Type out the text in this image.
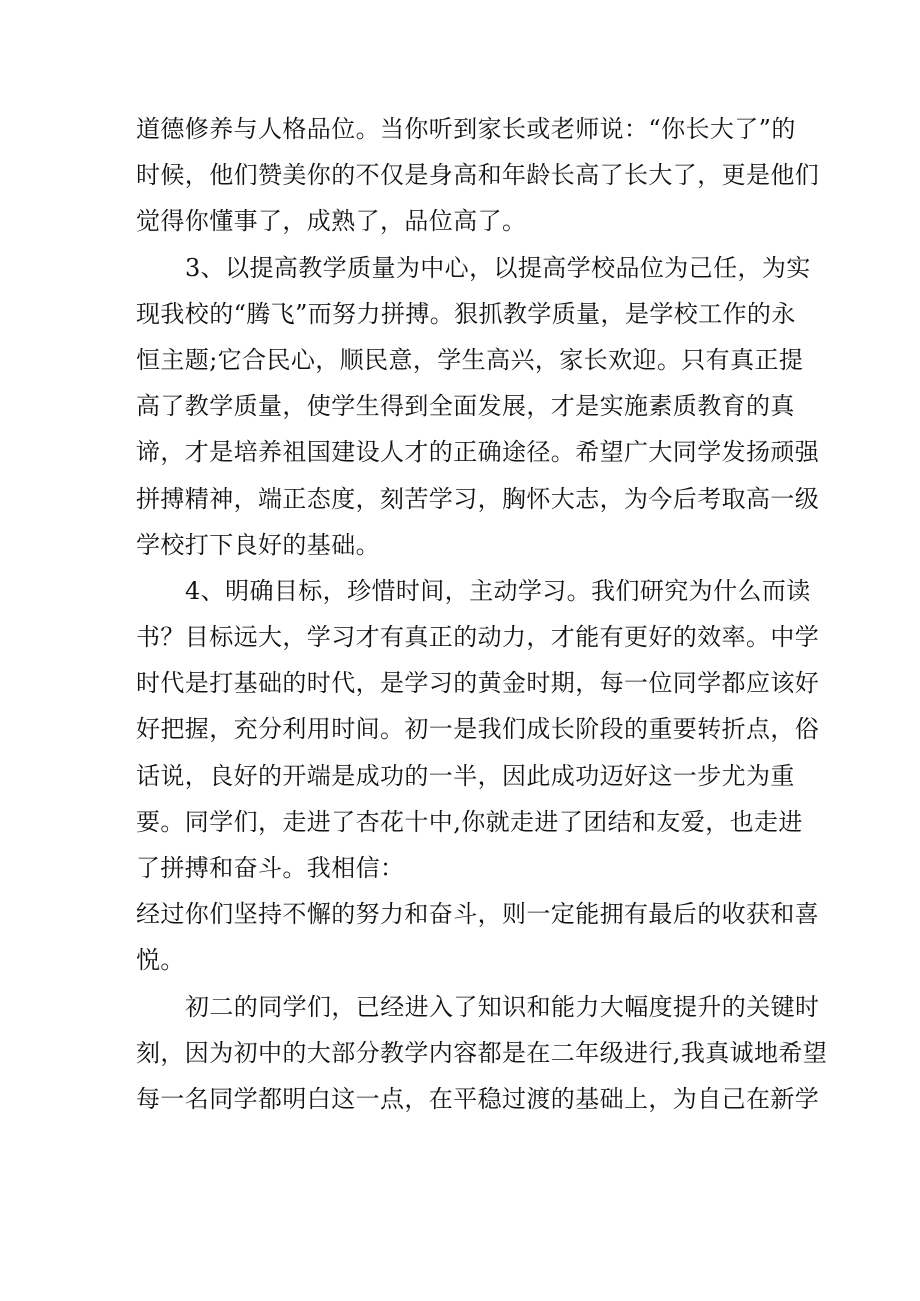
道德修养与人格品位。当你听到家长或老师说：“你长大了”的
时候，他们赞美你的不仅是身高和年龄长高了长大了，更是他们
觉得你懂事了，成熟了，品位高了。
3、以提高教学质量为中心，以提高学校品位为己任，为实
现我校的“腾飞”而努力拼搏。狠抓教学质量，是学校工作的永
恒主题;它合民心，顺民意，学生高兴，家长欢迎。只有真正提
高了教学质量，使学生得到全面发展，才是实施素质教育的真
谛，才是培养祖国建设人才的正确途径。希望广大同学发扬顽强
拼搏精神，端正态度，刻苦学习，胸怀大志，为今后考取高一级
学校打下良好的基础。
4、明确目标，珍惜时间，主动学习。我们研究为什么而读
书？目标远大，学习才有真正的动力，才能有更好的效率。中学
时代是打基础的时代，是学习的黄金时期，每一位同学都应该好
好把握，充分利用时间。初一是我们成长阶段的重要转折点，俗
话说，良好的开端是成功的一半，因此成功迈好这一步尤为重
要。同学们，走进了杏花十中,你就走进了团结和友爱，也走进
了拼搏和奋斗。我相信：
经过你们坚持不懈的努力和奋斗，则一定能拥有最后的收获和喜
悦。
初二的同学们，已经进入了知识和能力大幅度提升的关键时
刻，因为初中的大部分教学内容都是在二年级进行,我真诚地希望
每一名同学都明白这一点，在平稳过渡的基础上，为自己在新学
